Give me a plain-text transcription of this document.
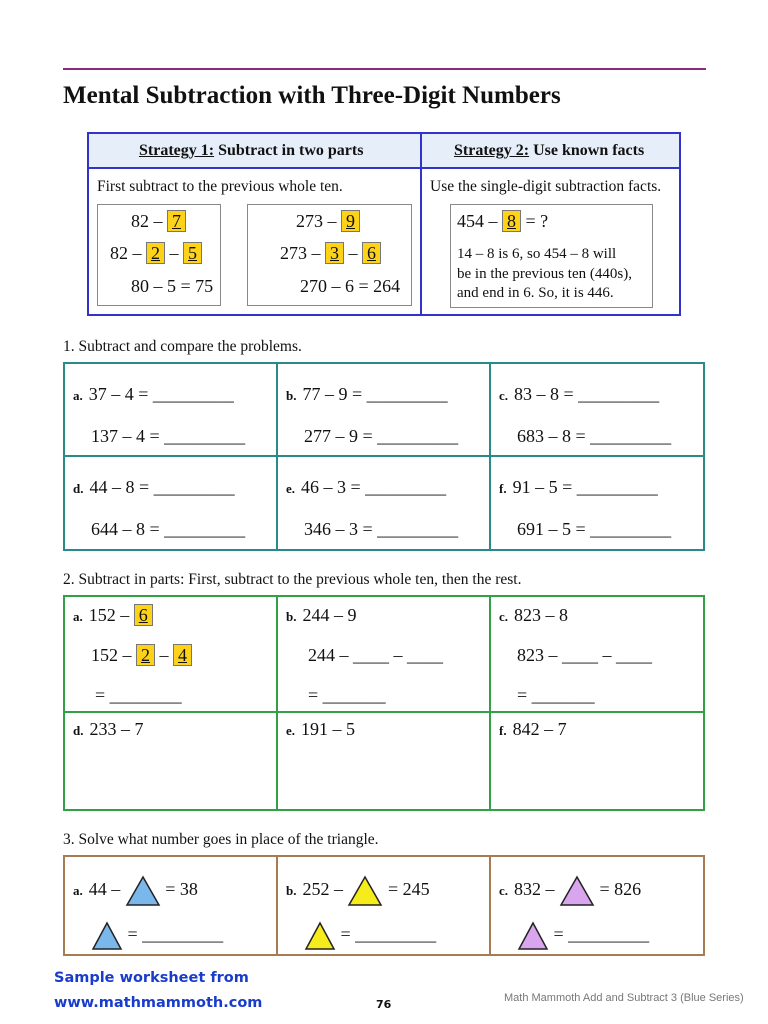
Mental Subtraction with Three-Digit Numbers
Strategy 1: Subtract in two parts	Strategy 2: Use known facts
First subtract to the previous whole ten.	Use the single-digit subtraction facts.
82 – 7
82 – 2 – 5
80 – 5 = 75
273 – 9
273 – 3 – 6
270 – 6 = 264
454 – 8 = ?
14 – 8 is 6, so 454 – 8 will
be in the previous ten (440s),
and end in 6. So, it is 446.
1. Subtract and compare the problems.
a. 37 – 4 = _________
137 – 4 = _________
b. 77 – 9 = _________
277 – 9 = _________
c. 83 – 8 = _________
683 – 8 = _________
d. 44 – 8 = _________
644 – 8 = _________
e. 46 – 3 = _________
346 – 3 = _________
f. 91 – 5 = _________
691 – 5 = _________
2. Subtract in parts: First, subtract to the previous whole ten, then the rest.
a. 152 – 6
152 – 2 – 4
= ________
b. 244 – 9
244 – ____ – ____
= _______
c. 823 – 8
823 – ____ – ____
= _______
d. 233 – 7	e. 191 – 5	f. 842 – 7
3. Solve what number goes in place of the triangle.
a. 44 –  = 38
= _________
b. 252 –  = 245
= _________
c. 832 –  = 826
= _________
Sample worksheet from
www.mathmammoth.com	76	Math Mammoth Add and Subtract 3 (Blue Series)
